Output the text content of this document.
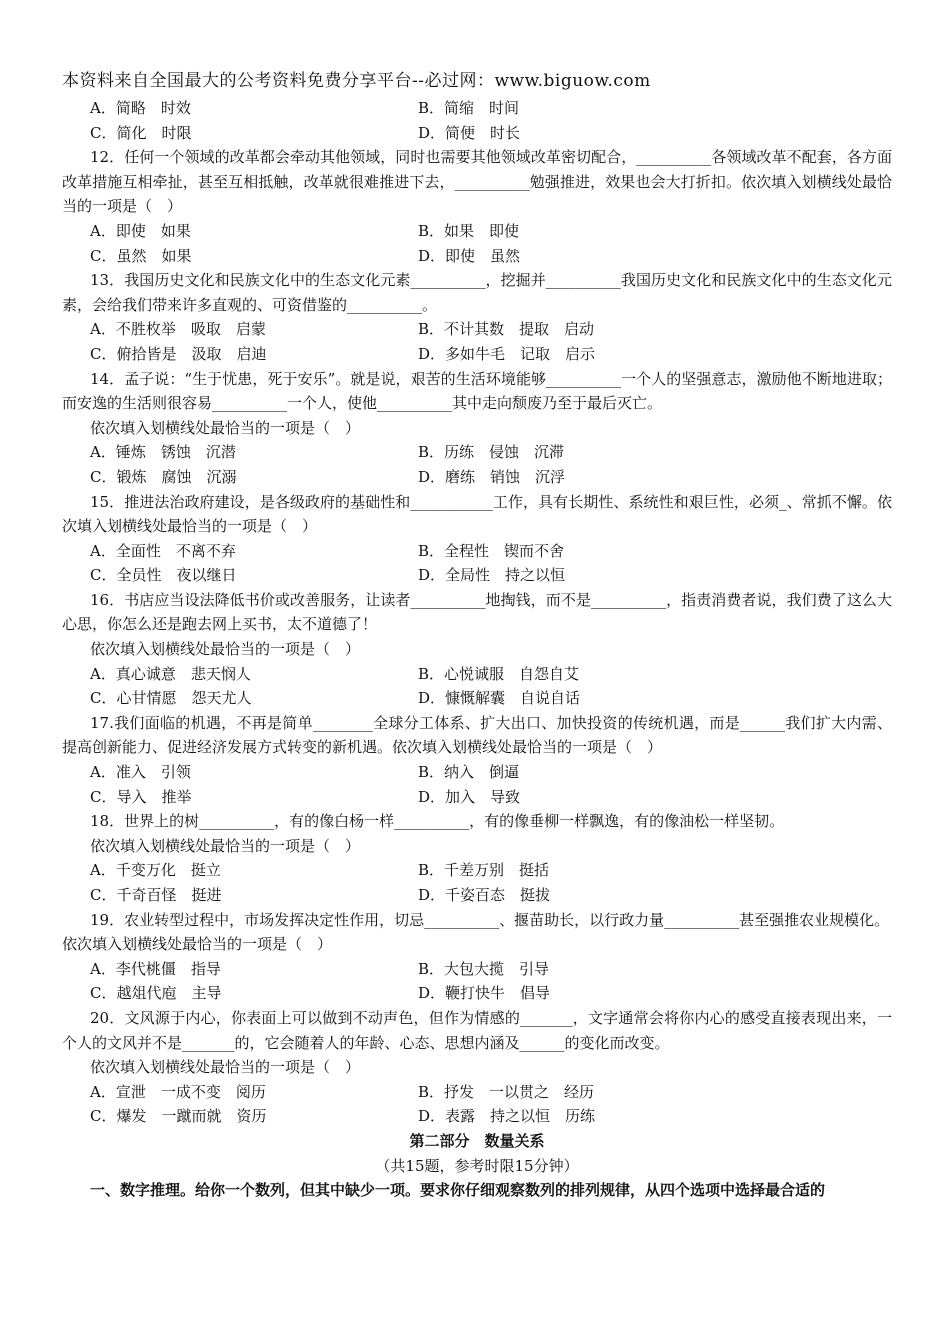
本资料来自全国最大的公考资料免费分享平台--必过网：www.biguow.com
A．简略　时效	B．简缩　时间
C．简化　时限	D．简便　时长
12．任何一个领域的改革都会牵动其他领域，同时也需要其他领域改革密切配合，__________各领域改革不配套，各方面改革措施互相牵扯，甚至互相抵触，改革就很难推进下去，__________勉强推进，效果也会大打折扣。依次填入划横线处最恰当的一项是（　）
A．即使　如果	B．如果　即使
C．虽然　如果	D．即使　虽然
13．我国历史文化和民族文化中的生态文化元素__________，挖掘并__________我国历史文化和民族文化中的生态文化元素，会给我们带来许多直观的、可资借鉴的__________。
A．不胜枚举　吸取　启蒙	B．不计其数　提取　启动
C．俯拾皆是　汲取　启迪	D．多如牛毛　记取　启示
14．孟子说：“生于忧患，死于安乐”。就是说，艰苦的生活环境能够__________一个人的坚强意志，激励他不断地进取；而安逸的生活则很容易__________一个人，使他__________其中走向颓废乃至于最后灭亡。
依次填入划横线处最恰当的一项是（　）
A．锤炼　锈蚀　沉潜	B．历练　侵蚀　沉滞
C．锻炼　腐蚀　沉溺	D．磨练　销蚀　沉浮
15．推进法治政府建设，是各级政府的基础性和___________工作，具有长期性、系统性和艰巨性，必须_、常抓不懈。依次填入划横线处最恰当的一项是（　）
A．全面性　不离不弃	B．全程性　锲而不舍
C．全员性　夜以继日	D．全局性　持之以恒
16．书店应当设法降低书价或改善服务，让读者__________地掏钱，而不是__________，指责消费者说，我们费了这么大心思，你怎么还是跑去网上买书，太不道德了！
依次填入划横线处最恰当的一项是（　）
A．真心诚意　悲天悯人	B．心悦诚服　自怨自艾
C．心甘情愿　怨天尤人	D．慷慨解囊　自说自话
17.我们面临的机遇，不再是简单________全球分工体系、扩大出口、加快投资的传统机遇，而是______我们扩大内需、提高创新能力、促进经济发展方式转变的新机遇。依次填入划横线处最恰当的一项是（　）
A．准入　引领	B．纳入　倒逼
C．导入　推举	D．加入　导致
18．世界上的树__________，有的像白杨一样__________，有的像垂柳一样飘逸，有的像油松一样坚韧。
依次填入划横线处最恰当的一项是（　）
A．千变万化　挺立	B．千差万别　挺括
C．千奇百怪　挺进	D．千姿百态　挺拔
19．农业转型过程中，市场发挥决定性作用，切忌__________、揠苗助长，以行政力量__________甚至强推农业规模化。
依次填入划横线处最恰当的一项是（　）
A．李代桃僵　指导	B．大包大揽　引导
C．越俎代庖　主导	D．鞭打快牛　倡导
20．文风源于内心，你表面上可以做到不动声色，但作为情感的_______，文字通常会将你内心的感受直接表现出来，一个人的文风并不是_______的，它会随着人的年龄、心态、思想内涵及______的变化而改变。
依次填入划横线处最恰当的一项是（　）
A．宣泄　一成不变　阅历	B．抒发　一以贯之　经历
C．爆发　一蹴而就　资历	D．表露　持之以恒　历练
第二部分　数量关系
（共15题，参考时限15分钟）
一、数字推理。给你一个数列，但其中缺少一项。要求你仔细观察数列的排列规律，从四个选项中选择最合适的
